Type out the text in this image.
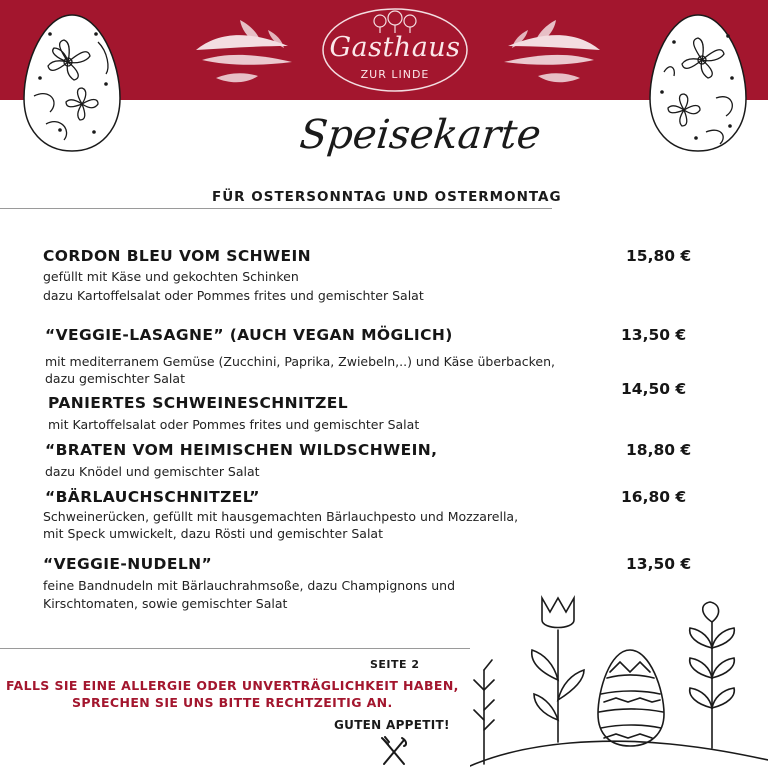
Gasthaus
ZUR LINDE
Speisekarte
FÜR OSTERSONNTAG UND OSTERMONTAG
CORDON BLEU VOM SCHWEIN
gefüllt mit Käse und gekochten Schinken
dazu Kartoffelsalat oder Pommes frites und gemischter Salat
15,80 €
“VEGGIE-LASAGNE” (AUCH VEGAN MÖGLICH)
mit mediterranem Gemüse (Zucchini, Paprika, Zwiebeln,..) und Käse überbacken,
dazu gemischter Salat
13,50 €
PANIERTES SCHWEINESCHNITZEL
mit Kartoffelsalat oder Pommes frites und gemischter Salat
14,50 €
“BRATEN VOM HEIMISCHEN WILDSCHWEIN,
dazu Knödel und gemischter Salat
18,80 €
“BÄRLAUCHSCHNITZEL”
Schweinerücken, gefüllt mit hausgemachten Bärlauchpesto und Mozzarella,
mit Speck umwickelt, dazu Rösti und gemischter Salat
16,80 €
“VEGGIE-NUDELN”
feine Bandnudeln mit Bärlauchrahmsoße, dazu Champignons und
Kirschtomaten, sowie gemischter Salat
13,50 €
SEITE 2
FALLS SIE EINE ALLERGIE ODER UNVERTRÄGLICHKEIT HABEN,
SPRECHEN SIE UNS BITTE RECHTZEITIG AN.
GUTEN APPETIT!
